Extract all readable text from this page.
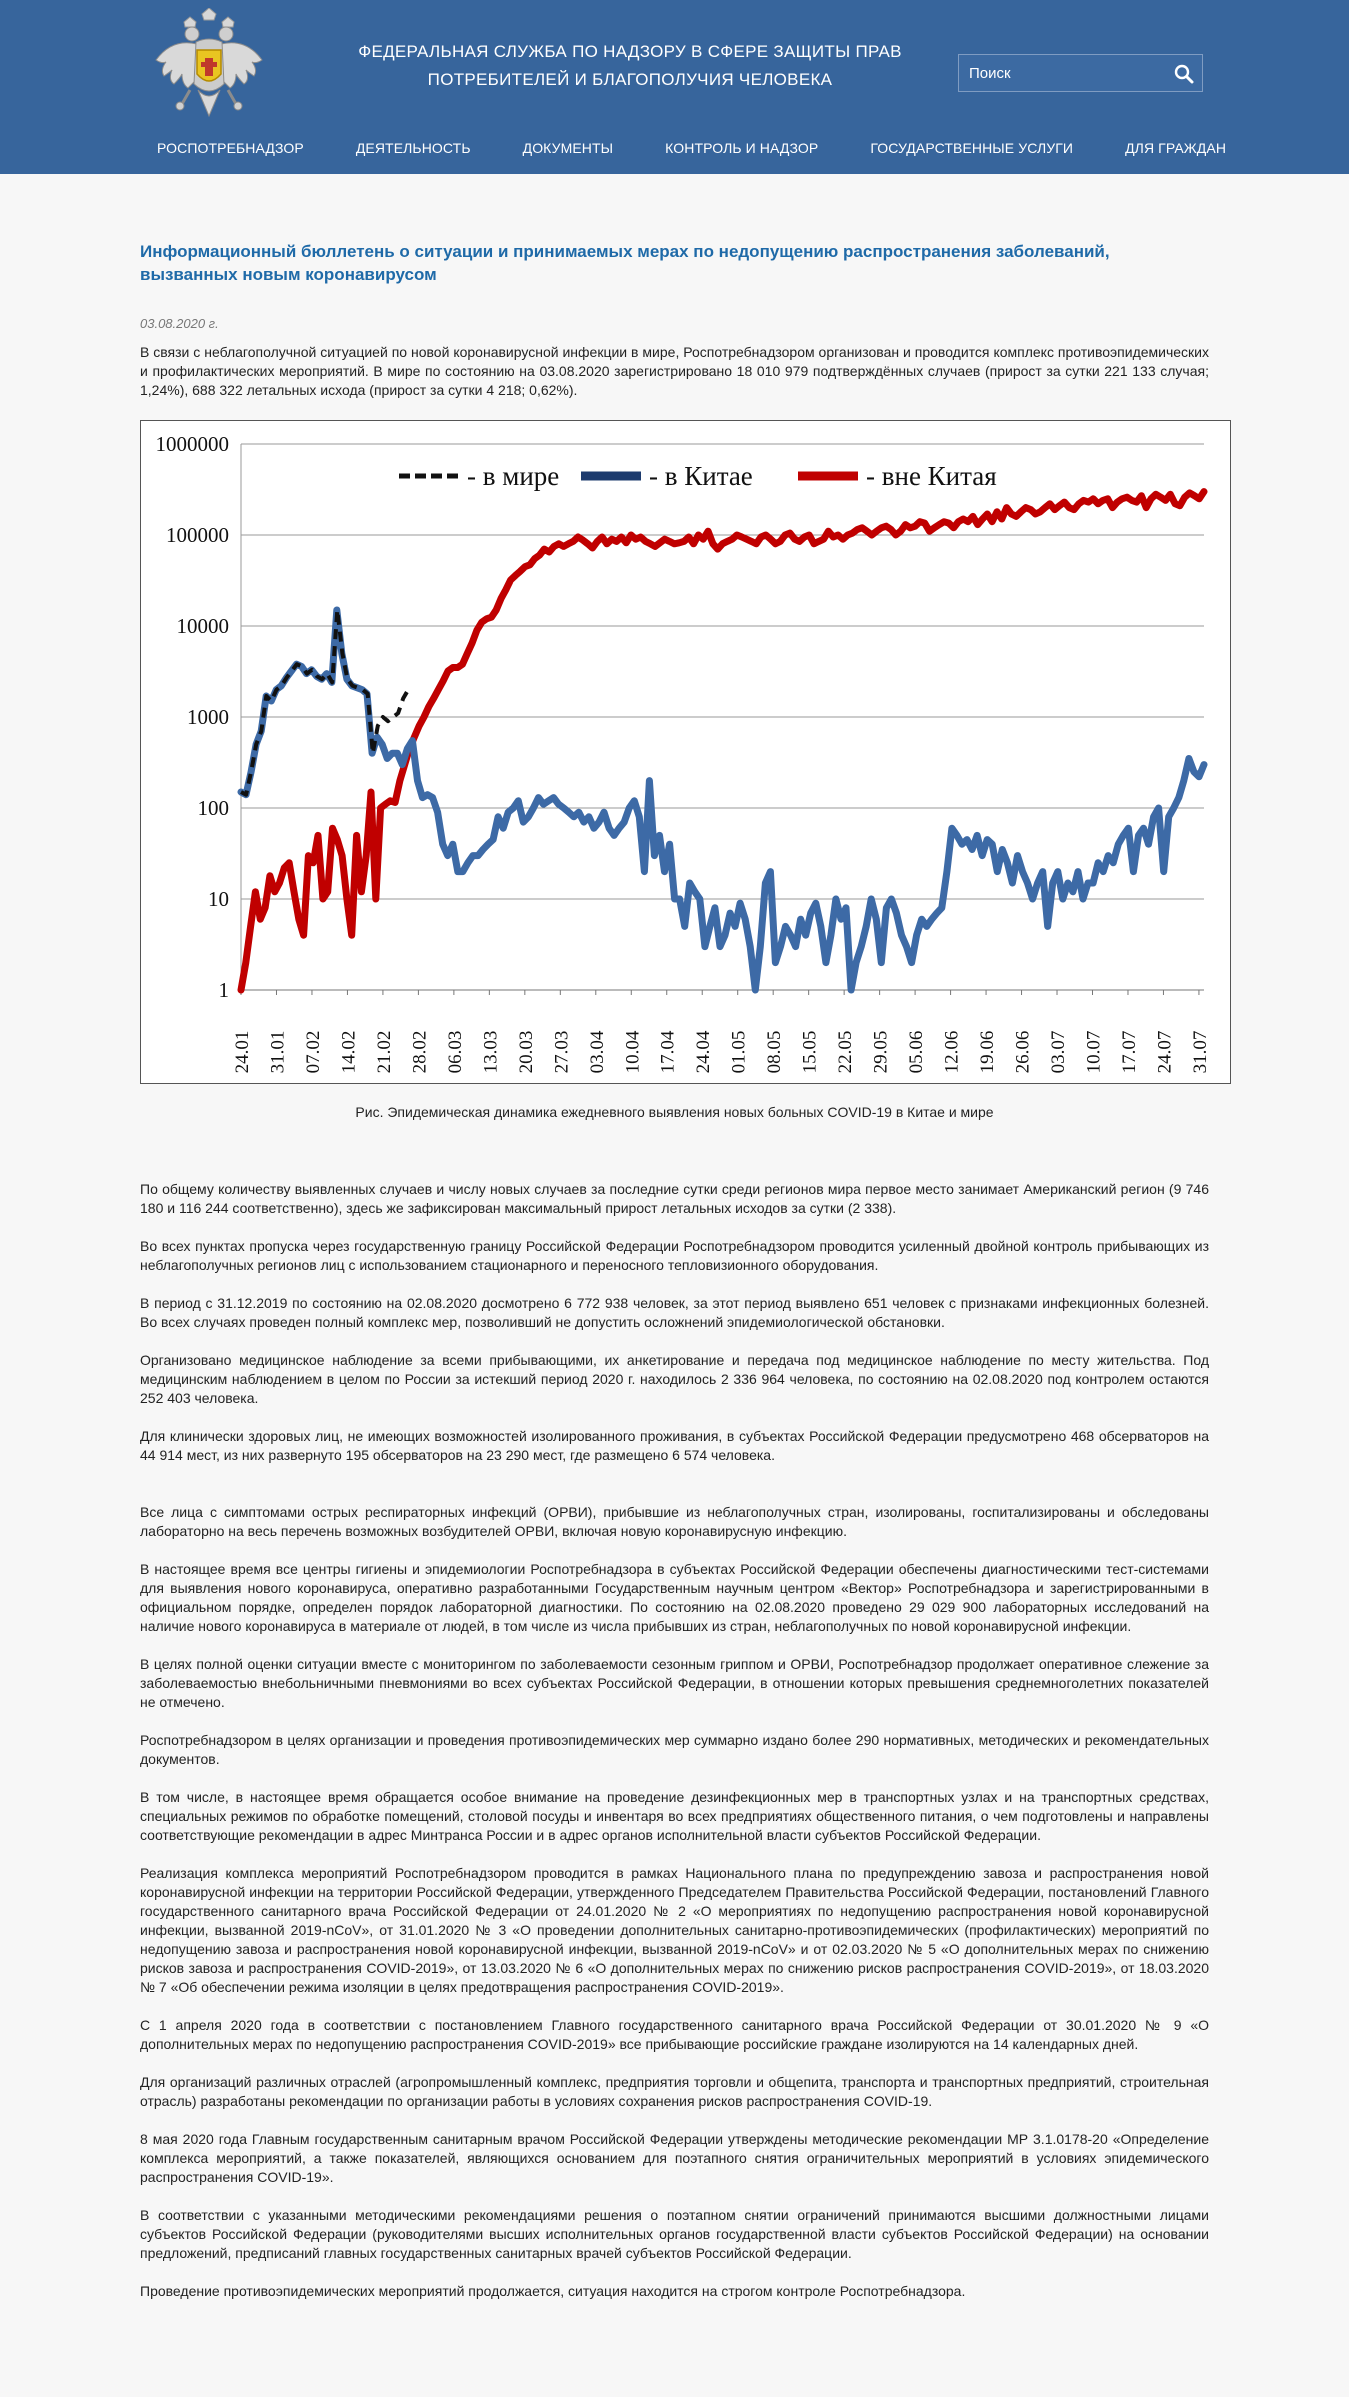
ФЕДЕРАЛЬНАЯ СЛУЖБА ПО НАДЗОРУ В СФЕРЕ ЗАЩИТЫ ПРАВ
ПОТРЕБИТЕЛЕЙ И БЛАГОПОЛУЧИЯ ЧЕЛОВЕКА
Поиск
РОСПОТРЕБНАДЗОР	ДЕЯТЕЛЬНОСТЬ	ДОКУМЕНТЫ	КОНТРОЛЬ И НАДЗОР	ГОСУДАРСТВЕННЫЕ УСЛУГИ	ДЛЯ ГРАЖДАН
Информационный бюллетень о ситуации и принимаемых мерах по недопущению распространения заболеваний, вызванных новым коронавирусом
03.08.2020 г.

В связи с неблагополучной ситуацией по новой коронавирусной инфекции в мире, Роспотребнадзором организован и проводится комплекс противоэпидемических и профилактических мероприятий. В мире по состоянию на 03.08.2020 зарегистрировано 18 010 979 подтверждённых случаев (прирост за сутки 221 133 случая; 1,24%), 688 322 летальных исхода (прирост за сутки 4 218; 0,62%).

1
10
100
1000
10000
100000
1000000
24.01 31.01 07.02 14.02 21.02 28.02 06.03 13.03 20.03 27.03 03.04 10.04 17.04 24.04 01.05 08.05 15.05 22.05 29.05 05.06 12.06 19.06 26.06 03.07 10.07 17.07 24.07 31.07
- в мире	- в Китае	- вне Китая
Рис. Эпидемическая динамика ежедневного выявления новых больных COVID-19 в Китае и мире

По общему количеству выявленных случаев и числу новых случаев за последние сутки среди регионов мира первое место занимает Американский регион (9 746 180 и 116 244 соответственно), здесь же зафиксирован максимальный прирост летальных исходов за сутки (2 338).

Во всех пунктах пропуска через государственную границу Российской Федерации Роспотребнадзором проводится усиленный двойной контроль прибывающих из неблагополучных регионов лиц с использованием стационарного и переносного тепловизионного оборудования.

В период с 31.12.2019 по состоянию на 02.08.2020 досмотрено 6 772 938 человек, за этот период выявлено 651 человек с признаками инфекционных болезней. Во всех случаях проведен полный комплекс мер, позволивший не допустить осложнений эпидемиологической обстановки.

Организовано медицинское наблюдение за всеми прибывающими, их анкетирование и передача под медицинское наблюдение по месту жительства. Под медицинским наблюдением в целом по России за истекший период 2020 г. находилось 2 336 964 человека, по состоянию на 02.08.2020 под контролем остаются 252 403 человека.

Для клинически здоровых лиц, не имеющих возможностей изолированного проживания, в субъектах Российской Федерации предусмотрено 468 обсерваторов на 44 914 мест, из них развернуто 195 обсерваторов на 23 290 мест, где размещено 6 574 человека.

Все лица с симптомами острых респираторных инфекций (ОРВИ), прибывшие из неблагополучных стран, изолированы, госпитализированы и обследованы лабораторно на весь перечень возможных возбудителей ОРВИ, включая новую коронавирусную инфекцию.

В настоящее время все центры гигиены и эпидемиологии Роспотребнадзора в субъектах Российской Федерации обеспечены диагностическими тест-системами для выявления нового коронавируса, оперативно разработанными Государственным научным центром «Вектор» Роспотребнадзора и зарегистрированными в официальном порядке, определен порядок лабораторной диагностики. По состоянию на 02.08.2020 проведено 29 029 900 лабораторных исследований на наличие нового коронавируса в материале от людей, в том числе из числа прибывших из стран, неблагополучных по новой коронавирусной инфекции.

В целях полной оценки ситуации вместе с мониторингом по заболеваемости сезонным гриппом и ОРВИ, Роспотребнадзор продолжает оперативное слежение за заболеваемостью внебольничными пневмониями во всех субъектах Российской Федерации, в отношении которых превышения среднемноголетних показателей не отмечено.

Роспотребнадзором в целях организации и проведения противоэпидемических мер суммарно издано более 290 нормативных, методических и рекомендательных документов.

В том числе, в настоящее время обращается особое внимание на проведение дезинфекционных мер в транспортных узлах и на транспортных средствах, специальных режимов по обработке помещений, столовой посуды и инвентаря во всех предприятиях общественного питания, о чем подготовлены и направлены соответствующие рекомендации в адрес Минтранса России и в адрес органов исполнительной власти субъектов Российской Федерации.

Реализация комплекса мероприятий Роспотребнадзором проводится в рамках Национального плана по предупреждению завоза и распространения новой коронавирусной инфекции на территории Российской Федерации, утвержденного Председателем Правительства Российской Федерации, постановлений Главного государственного санитарного врача Российской Федерации от 24.01.2020 № 2 «О мероприятиях по недопущению распространения новой коронавирусной инфекции, вызванной 2019-nCoV», от 31.01.2020 № 3 «О проведении дополнительных санитарно-противоэпидемических (профилактических) мероприятий по недопущению завоза и распространения новой коронавирусной инфекции, вызванной 2019-nCoV» и от 02.03.2020 № 5 «О дополнительных мерах по снижению рисков завоза и распространения COVID-2019», от 13.03.2020 № 6 «О дополнительных мерах по снижению рисков распространения COVID-2019», от 18.03.2020 № 7 «Об обеспечении режима изоляции в целях предотвращения распространения COVID-2019».

С 1 апреля 2020 года в соответствии с постановлением Главного государственного санитарного врача Российской Федерации от 30.01.2020 № 9 «О дополнительных мерах по недопущению распространения COVID-2019» все прибывающие российские граждане изолируются на 14 календарных дней.

Для организаций различных отраслей (агропромышленный комплекс, предприятия торговли и общепита, транспорта и транспортных предприятий, строительная отрасль) разработаны рекомендации по организации работы в условиях сохранения рисков распространения COVID-19.

8 мая 2020 года Главным государственным санитарным врачом Российской Федерации утверждены методические рекомендации МР 3.1.0178-20 «Определение комплекса мероприятий, а также показателей, являющихся основанием для поэтапного снятия ограничительных мероприятий в условиях эпидемического распространения COVID-19».

В соответствии с указанными методическими рекомендациями решения о поэтапном снятии ограничений принимаются высшими должностными лицами субъектов Российской Федерации (руководителями высших исполнительных органов государственной власти субъектов Российской Федерации) на основании предложений, предписаний главных государственных санитарных врачей субъектов Российской Федерации.

Проведение противоэпидемических мероприятий продолжается, ситуация находится на строгом контроле Роспотребнадзора.
